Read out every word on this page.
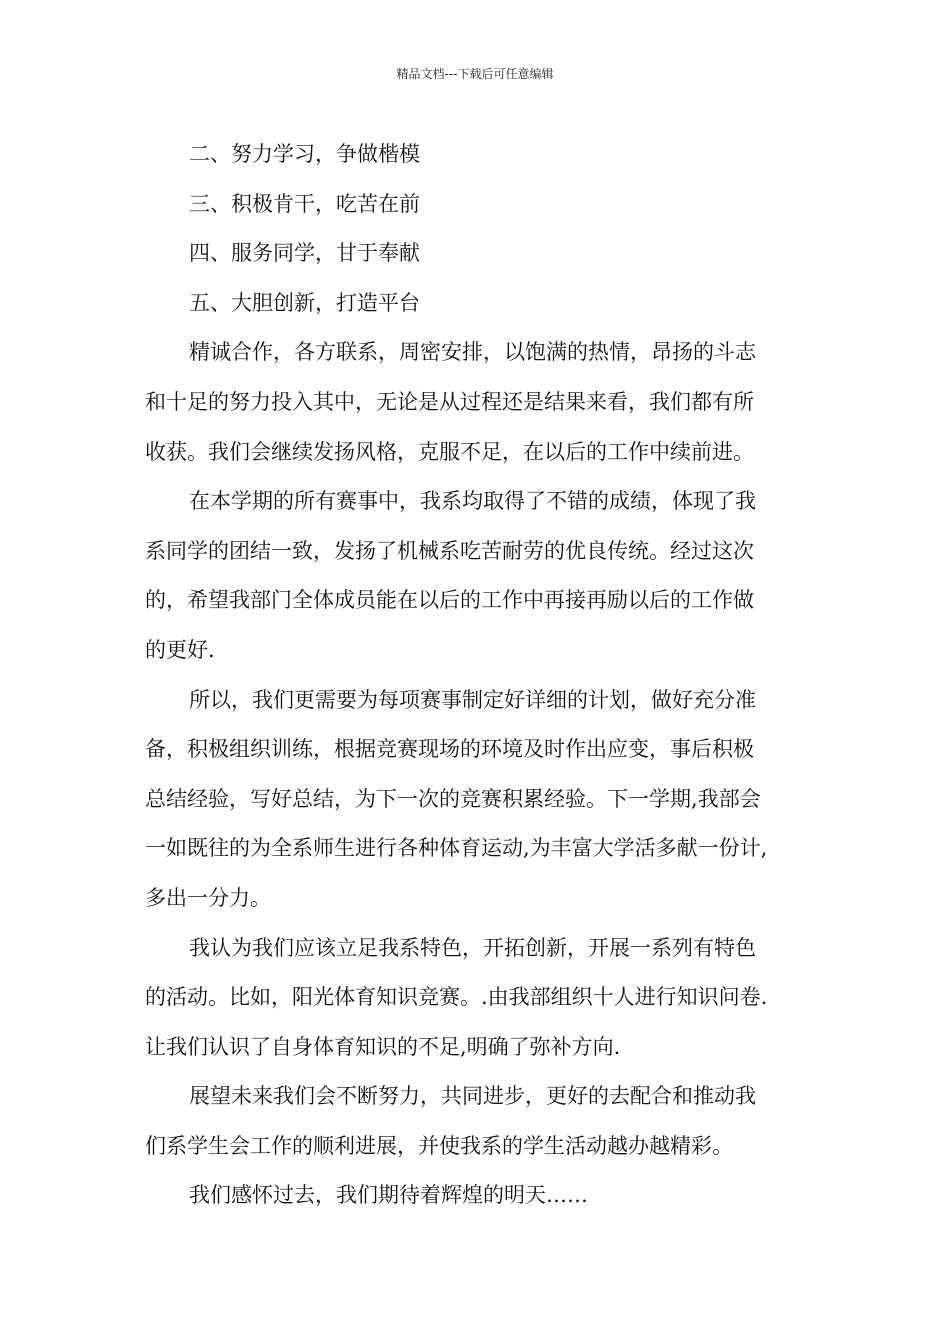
精品文档---下载后可任意编辑

二、努力学习，争做楷模

三、积极肯干，吃苦在前

四、服务同学，甘于奉献

五、大胆创新，打造平台

精诚合作，各方联系，周密安排，以饱满的热情，昂扬的斗志
和十足的努力投入其中，无论是从过程还是结果来看，我们都有所
收获。我们会继续发扬风格，克服不足，在以后的工作中续前进。

在本学期的所有赛事中，我系均取得了不错的成绩，体现了我
系同学的团结一致，发扬了机械系吃苦耐劳的优良传统。经过这次
的，希望我部门全体成员能在以后的工作中再接再励以后的工作做
的更好.

所以，我们更需要为每项赛事制定好详细的计划，做好充分准
备，积极组织训练，根据竞赛现场的环境及时作出应变，事后积极
总结经验，写好总结，为下一次的竞赛积累经验。下一学期,我部会
一如既往的为全系师生进行各种体育运动,为丰富大学活多献一份计,
多出一分力。

我认为我们应该立足我系特色，开拓创新，开展一系列有特色
的活动。比如，阳光体育知识竞赛。.由我部组织十人进行知识问卷.
让我们认识了自身体育知识的不足,明确了弥补方向.

展望未来我们会不断努力，共同进步，更好的去配合和推动我
们系学生会工作的顺利进展，并使我系的学生活动越办越精彩。

我们感怀过去，我们期待着辉煌的明天……
